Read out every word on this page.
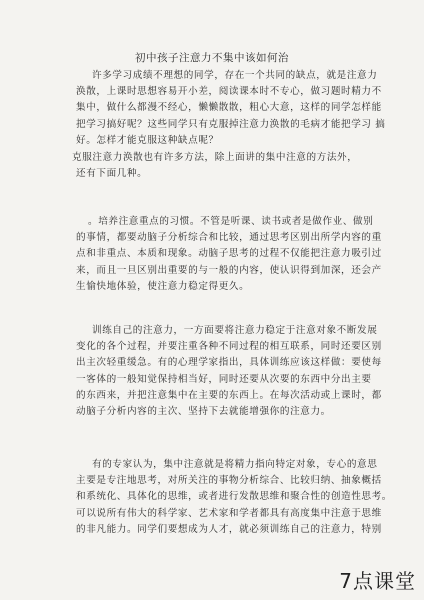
初中孩子注意力不集中该如何治

许多学习成绩不理想的同学，存在一个共同的缺点，就是注意力
涣散，上课时思想容易开小差，阅读课本时不专心，做习题时精力不
集中，做什么都漫不经心，懒懒散散，粗心大意，这样的同学怎样能
把学习搞好呢？这些同学只有克服掉注意力涣散的毛病才能把学习 搞
好。怎样才能克服这种缺点呢？

克服注意力涣散也有许多方法，除上面讲的集中注意的方法外，
还有下面几种。

。培养注意重点的习惯。不管是听课、读书或者是做作业、做别
的事情，都要动脑子分析综合和比较，通过思考区别出所学内容的重
点和非重点、本质和现象。动脑子思考的过程不仅能把注意力吸引过
来，而且一旦区别出重要的与一般的内容，使认识得到加深，还会产
生愉快地体验，使注意力稳定得更久。

训练自己的注意力，一方面要将注意力稳定于注意对象不断发展
变化的各个过程，并要注重各种不同过程的相互联系，同时还要区别
出主次轻重缓急。有的心理学家指出，具体训练应该这样做：要使每
一客体的一般知觉保持相当好，同时还要从次要的东西中分出主要
的东西来，并把注意集中在主要的东西上。在每次活动或上课时，都
动脑子分析内容的主次、坚持下去就能增强你的注意力。

有的专家认为，集中注意就是将精力指向特定对象，专心的意思
主要是专注地思考，对所关注的事物分析综合、比较归纳、抽象概括
和系统化、具体化的思维，或者进行发散思维和聚合性的创造性思考。
可以说所有伟大的科学家、艺术家和学者都具有高度集中注意于思维
的非凡能力。同学们要想成为人才，就必须训练自己的注意力，特别

7点课堂
